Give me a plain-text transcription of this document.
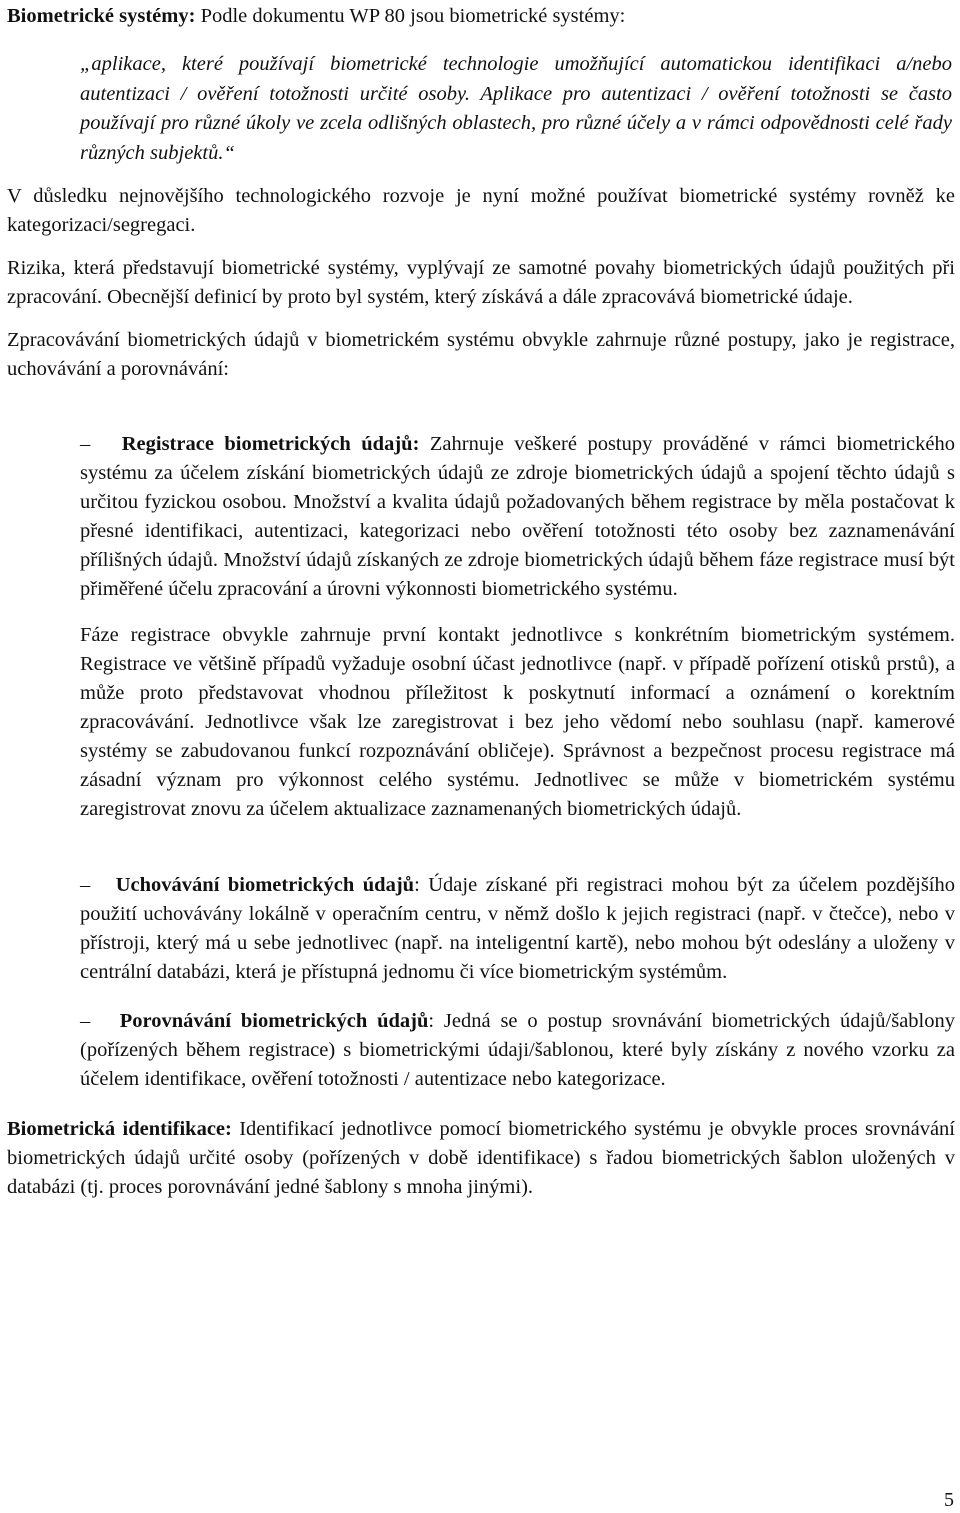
Biometrické systémy: Podle dokumentu WP 80 jsou biometrické systémy:

„aplikace, které používají biometrické technologie umožňující automatickou identifikaci a/nebo autentizaci / ověření totožnosti určité osoby. Aplikace pro autentizaci / ověření totožnosti se často používají pro různé úkoly ve zcela odlišných oblastech, pro různé účely a v rámci odpovědnosti celé řady různých subjektů.“

V důsledku nejnovějšího technologického rozvoje je nyní možné používat biometrické systémy rovněž ke kategorizaci/segregaci.

Rizika, která představují biometrické systémy, vyplývají ze samotné povahy biometrických údajů použitých při zpracování. Obecnější definicí by proto byl systém, který získává a dále zpracovává biometrické údaje.

Zpracovávání biometrických údajů v biometrickém systému obvykle zahrnuje různé postupy, jako je registrace, uchovávání a porovnávání:

– Registrace biometrických údajů: Zahrnuje veškeré postupy prováděné v rámci biometrického systému za účelem získání biometrických údajů ze zdroje biometrických údajů a spojení těchto údajů s určitou fyzickou osobou. Množství a kvalita údajů požadovaných během registrace by měla postačovat k přesné identifikaci, autentizaci, kategorizaci nebo ověření totožnosti této osoby bez zaznamenávání přílišných údajů. Množství údajů získaných ze zdroje biometrických údajů během fáze registrace musí být přiměřené účelu zpracování a úrovni výkonnosti biometrického systému.

Fáze registrace obvykle zahrnuje první kontakt jednotlivce s konkrétním biometrickým systémem. Registrace ve většině případů vyžaduje osobní účast jednotlivce (např. v případě pořízení otisků prstů), a může proto představovat vhodnou příležitost k poskytnutí informací a oznámení o korektním zpracovávání. Jednotlivce však lze zaregistrovat i bez jeho vědomí nebo souhlasu (např. kamerové systémy se zabudovanou funkcí rozpoznávání obličeje). Správnost a bezpečnost procesu registrace má zásadní význam pro výkonnost celého systému. Jednotlivec se může v biometrickém systému zaregistrovat znovu za účelem aktualizace zaznamenaných biometrických údajů.

– Uchovávání biometrických údajů: Údaje získané při registraci mohou být za účelem pozdějšího použití uchovávány lokálně v operačním centru, v němž došlo k jejich registraci (např. v čtečce), nebo v přístroji, který má u sebe jednotlivec (např. na inteligentní kartě), nebo mohou být odeslány a uloženy v centrální databázi, která je přístupná jednomu či více biometrickým systémům.

– Porovnávání biometrických údajů: Jedná se o postup srovnávání biometrických údajů/šablony (pořízených během registrace) s biometrickými údaji/šablonou, které byly získány z nového vzorku za účelem identifikace, ověření totožnosti / autentizace nebo kategorizace.

Biometrická identifikace: Identifikací jednotlivce pomocí biometrického systému je obvykle proces srovnávání biometrických údajů určité osoby (pořízených v době identifikace) s řadou biometrických šablon uložených v databázi (tj. proces porovnávání jedné šablony s mnoha jinými).

5
